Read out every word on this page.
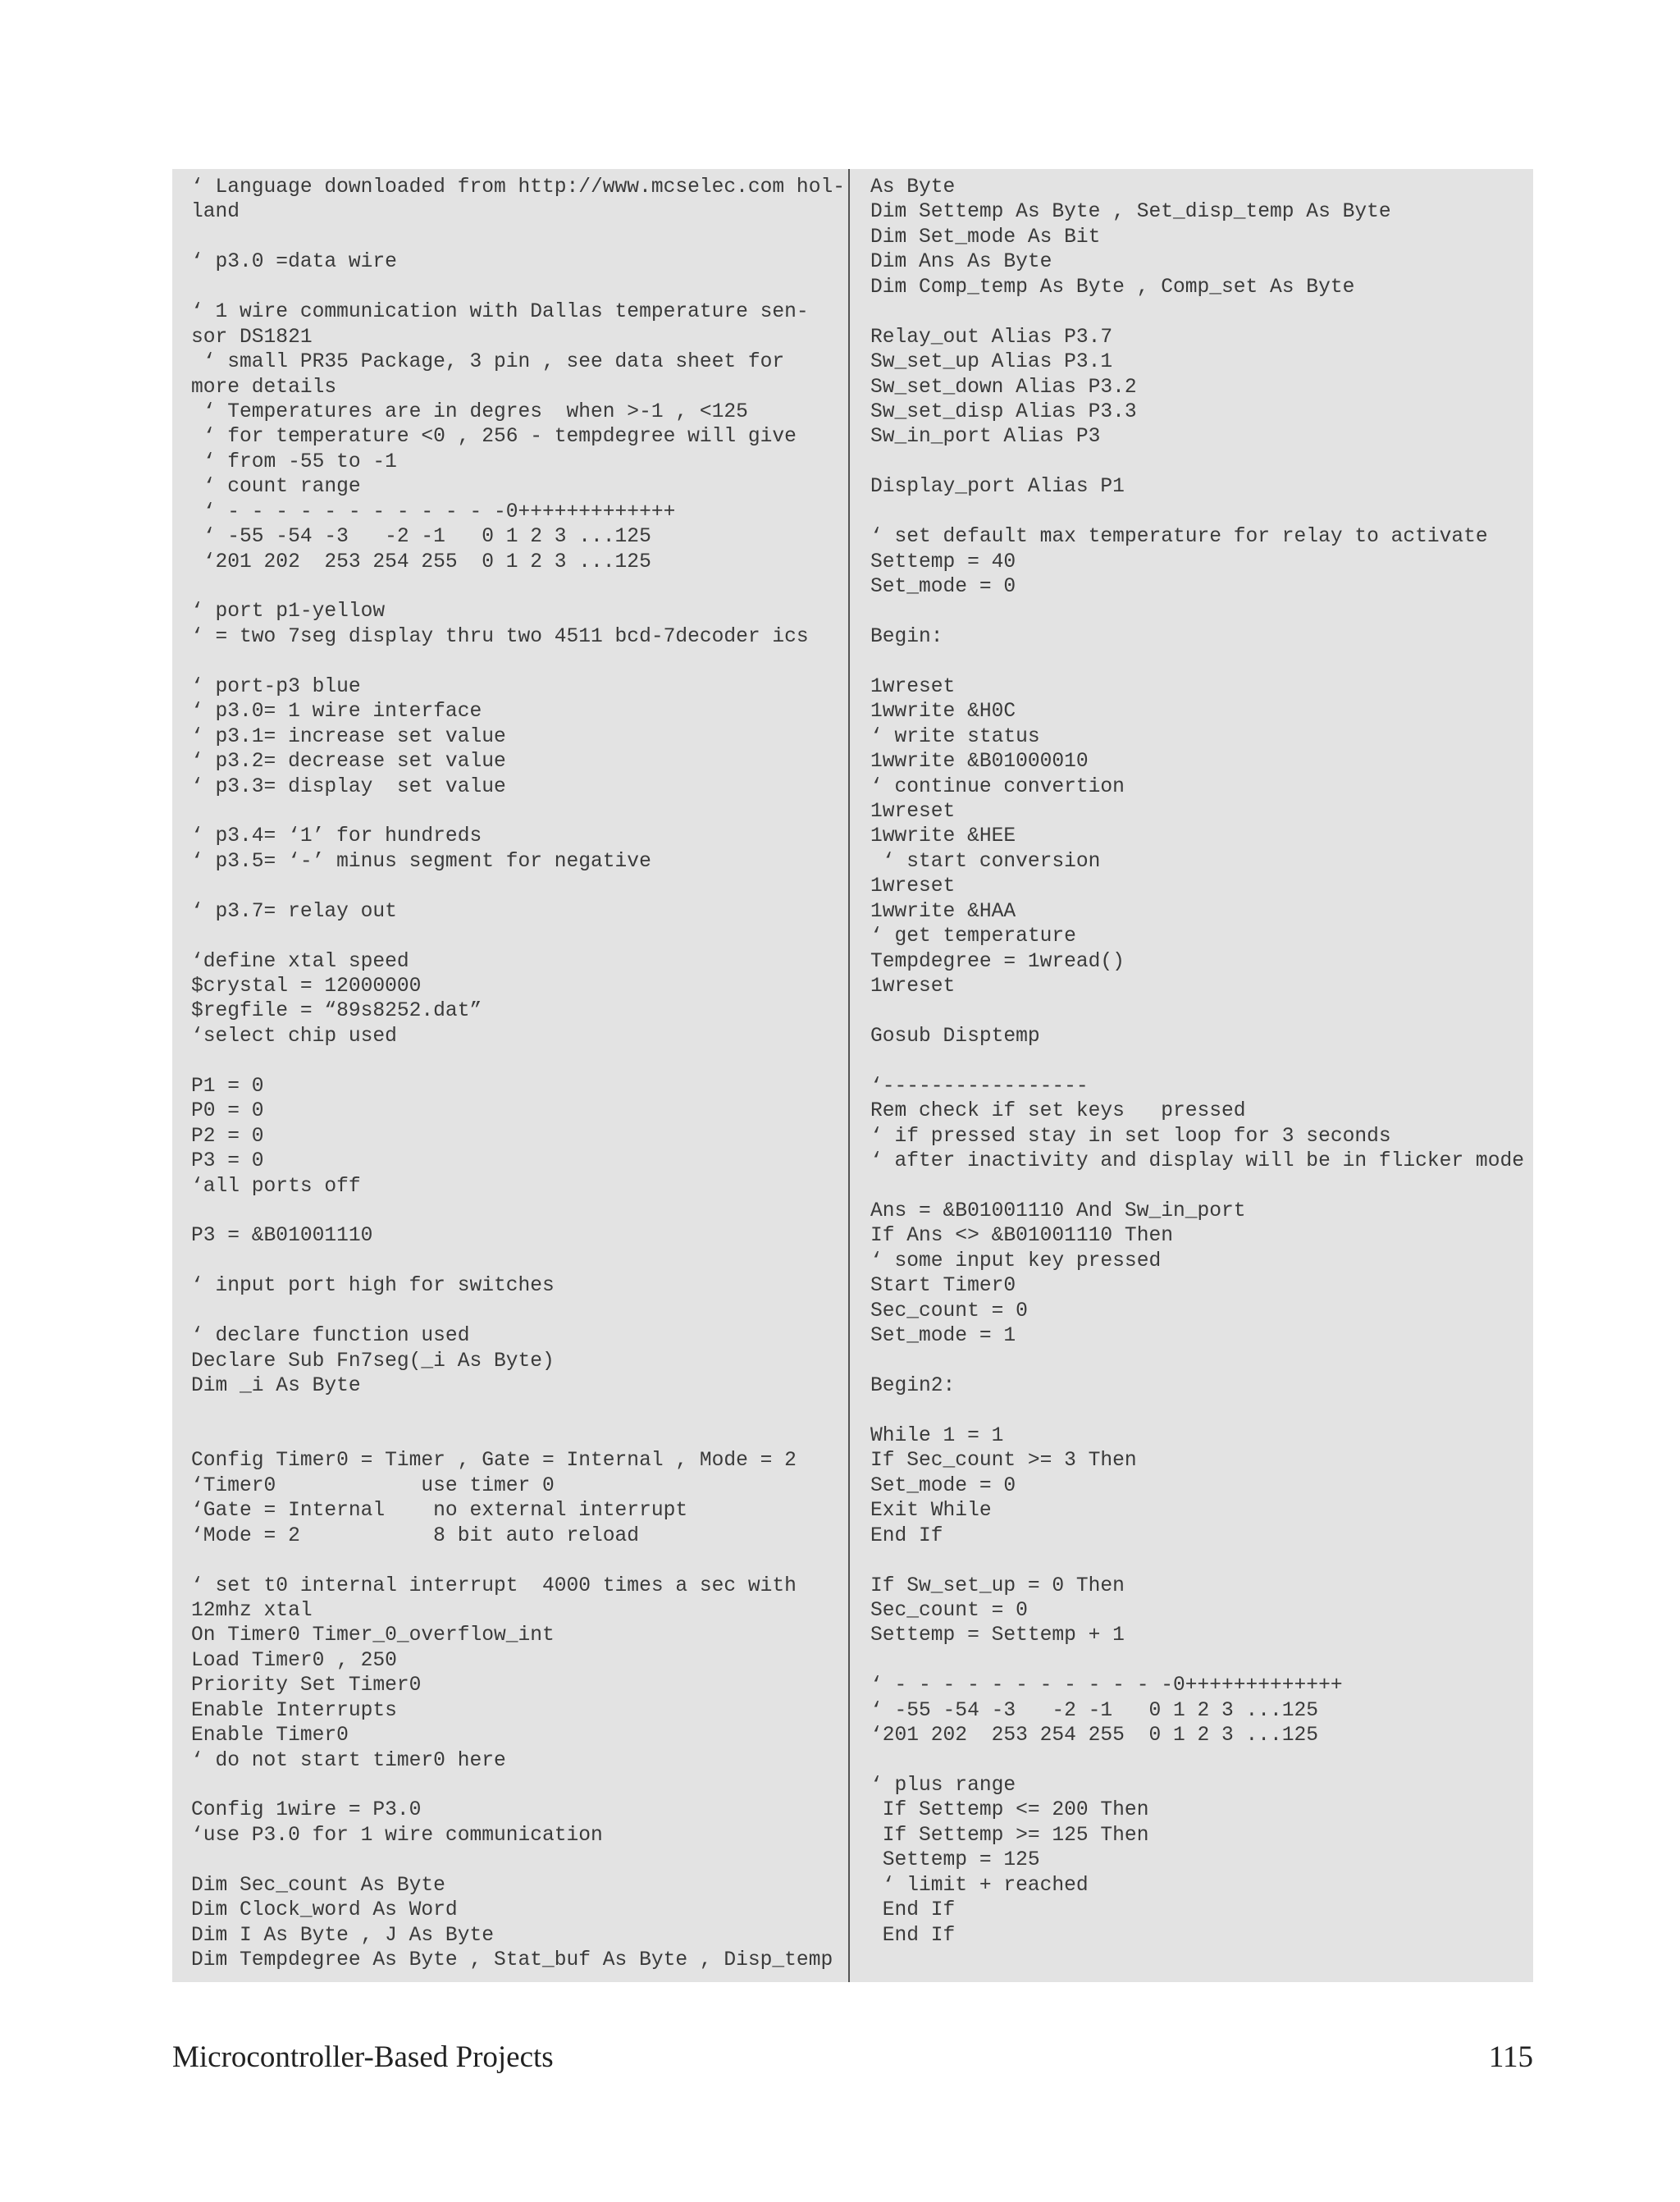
‘ Language downloaded from http://www.mcselec.com hol-
land
‘ p3.0 =data wire
‘ 1 wire communication with Dallas temperature sen-
sor DS1821
‘ small PR35 Package, 3 pin , see data sheet for
more details
‘ Temperatures are in degres  when >-1 , <125
‘ for temperature <0 , 256 - tempdegree will give
‘ from -55 to -1
‘ count range
‘ - - - - - - - - - - - -0+++++++++++++
‘ -55 -54 -3   -2 -1   0 1 2 3 ...125
‘201 202  253 254 255  0 1 2 3 ...125
‘ port p1-yellow
‘ = two 7seg display thru two 4511 bcd-7decoder ics
‘ port-p3 blue
‘ p3.0= 1 wire interface
‘ p3.1= increase set value
‘ p3.2= decrease set value
‘ p3.3= display  set value
‘ p3.4= ‘1’ for hundreds
‘ p3.5= ‘-’ minus segment for negative
‘ p3.7= relay out
‘define xtal speed
$crystal = 12000000
$regfile = “89s8252.dat”
‘select chip used
P1 = 0
P0 = 0
P2 = 0
P3 = 0
‘all ports off
P3 = &B01001110
‘ input port high for switches
‘ declare function used
Declare Sub Fn7seg(_i As Byte)
Dim _i As Byte
Config Timer0 = Timer , Gate = Internal , Mode = 2
‘Timer0            use timer 0
‘Gate = Internal    no external interrupt
‘Mode = 2           8 bit auto reload
‘ set t0 internal interrupt  4000 times a sec with
12mhz xtal
On Timer0 Timer_0_overflow_int
Load Timer0 , 250
Priority Set Timer0
Enable Interrupts
Enable Timer0
‘ do not start timer0 here
Config 1wire = P3.0
‘use P3.0 for 1 wire communication
Dim Sec_count As Byte
Dim Clock_word As Word
Dim I As Byte , J As Byte
Dim Tempdegree As Byte , Stat_buf As Byte , Disp_temp
As Byte
Dim Settemp As Byte , Set_disp_temp As Byte
Dim Set_mode As Bit
Dim Ans As Byte
Dim Comp_temp As Byte , Comp_set As Byte
Relay_out Alias P3.7
Sw_set_up Alias P3.1
Sw_set_down Alias P3.2
Sw_set_disp Alias P3.3
Sw_in_port Alias P3
Display_port Alias P1
‘ set default max temperature for relay to activate
Settemp = 40
Set_mode = 0
Begin:
1wreset
1wwrite &H0C
‘ write status
1wwrite &B01000010
‘ continue convertion
1wreset
1wwrite &HEE
‘ start conversion
1wreset
1wwrite &HAA
‘ get temperature
Tempdegree = 1wread()
1wreset
Gosub Disptemp
‘-----------------
Rem check if set keys   pressed
‘ if pressed stay in set loop for 3 seconds
‘ after inactivity and display will be in flicker mode
Ans = &B01001110 And Sw_in_port
If Ans <> &B01001110 Then
‘ some input key pressed
Start Timer0
Sec_count = 0
Set_mode = 1
Begin2:
While 1 = 1
If Sec_count >= 3 Then
Set_mode = 0
Exit While
End If
If Sw_set_up = 0 Then
Sec_count = 0
Settemp = Settemp + 1
‘ - - - - - - - - - - - -0+++++++++++++
‘ -55 -54 -3   -2 -1   0 1 2 3 ...125
‘201 202  253 254 255  0 1 2 3 ...125
‘ plus range
If Settemp <= 200 Then
If Settemp >= 125 Then
Settemp = 125
‘ limit + reached
End If
End If
Microcontroller-Based Projects	115
